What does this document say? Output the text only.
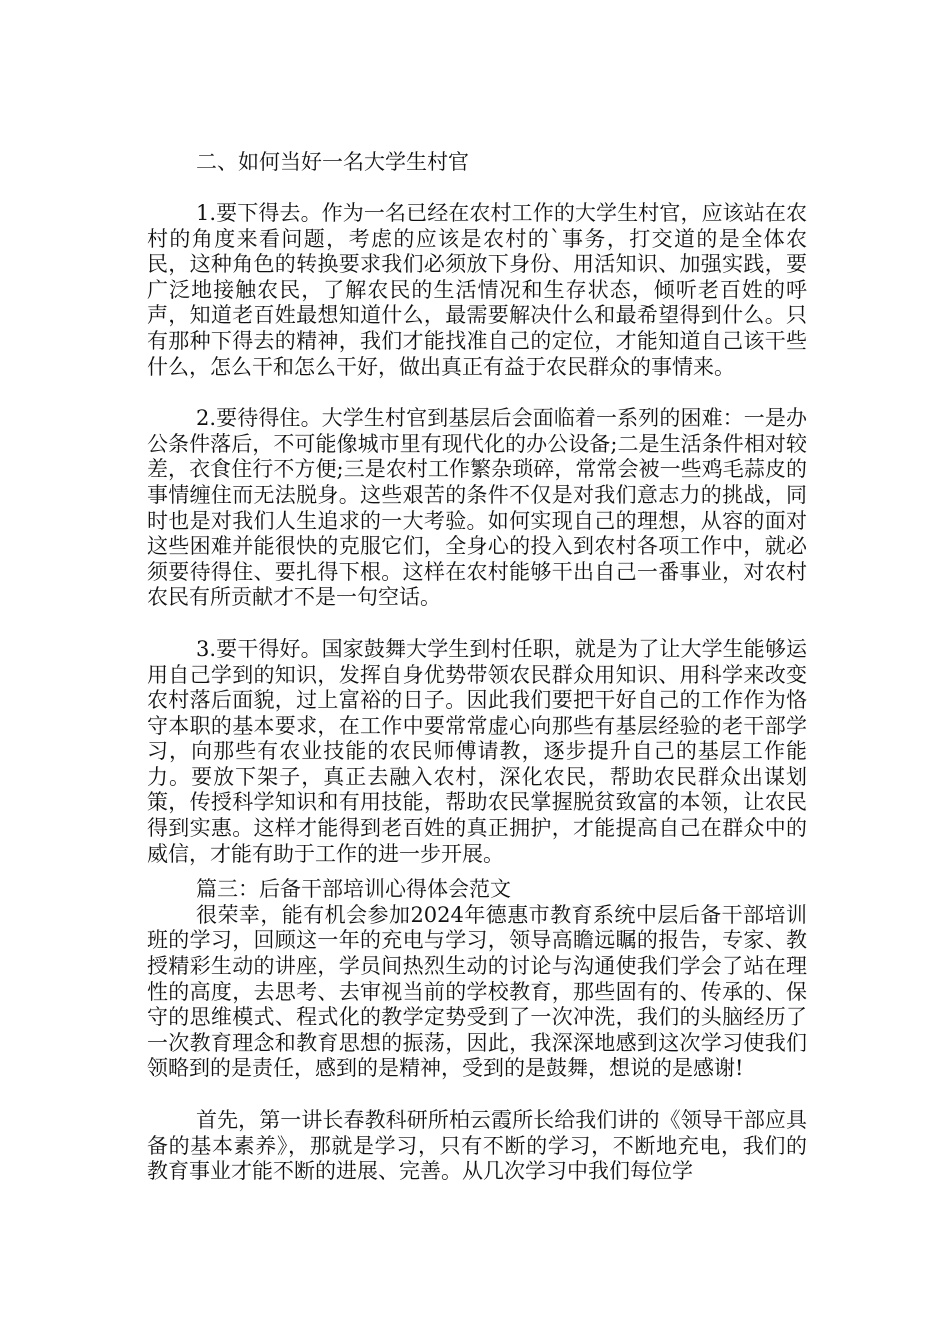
二、如何当好一名大学生村官

1.要下得去。作为一名已经在农村工作的大学生村官，应该站在农村的角度来看问题，考虑的应该是农村的`事务，打交道的是全体农民，这种角色的转换要求我们必须放下身份、用活知识、加强实践，要广泛地接触农民，了解农民的生活情况和生存状态，倾听老百姓的呼声，知道老百姓最想知道什么，最需要解决什么和最希望得到什么。只有那种下得去的精神，我们才能找准自己的定位，才能知道自己该干些什么，怎么干和怎么干好，做出真正有益于农民群众的事情来。

2.要待得住。大学生村官到基层后会面临着一系列的困难：一是办公条件落后，不可能像城市里有现代化的办公设备;二是生活条件相对较差，衣食住行不方便;三是农村工作繁杂琐碎，常常会被一些鸡毛蒜皮的事情缠住而无法脱身。这些艰苦的条件不仅是对我们意志力的挑战，同时也是对我们人生追求的一大考验。如何实现自己的理想，从容的面对这些困难并能很快的克服它们，全身心的投入到农村各项工作中，就必须要待得住、要扎得下根。这样在农村能够干出自己一番事业，对农村农民有所贡献才不是一句空话。

3.要干得好。国家鼓舞大学生到村任职，就是为了让大学生能够运用自己学到的知识，发挥自身优势带领农民群众用知识、用科学来改变农村落后面貌，过上富裕的日子。因此我们要把干好自己的工作作为恪守本职的基本要求，在工作中要常常虚心向那些有基层经验的老干部学习，向那些有农业技能的农民师傅请教，逐步提升自己的基层工作能力。要放下架子，真正去融入农村，深化农民，帮助农民群众出谋划策，传授科学知识和有用技能，帮助农民掌握脱贫致富的本领，让农民得到实惠。这样才能得到老百姓的真正拥护，才能提高自己在群众中的威信，才能有助于工作的进一步开展。

篇三：后备干部培训心得体会范文

很荣幸，能有机会参加2024年德惠市教育系统中层后备干部培训班的学习，回顾这一年的充电与学习，领导高瞻远瞩的报告，专家、教授精彩生动的讲座，学员间热烈生动的讨论与沟通使我们学会了站在理性的高度，去思考、去审视当前的学校教育，那些固有的、传承的、保守的思维模式、程式化的教学定势受到了一次冲洗，我们的头脑经历了一次教育理念和教育思想的振荡，因此，我深深地感到这次学习使我们领略到的是责任，感到的是精神，受到的是鼓舞，想说的是感谢!

首先，第一讲长春教科研所柏云霞所长给我们讲的《领导干部应具备的基本素养》，那就是学习，只有不断的学习，不断地充电，我们的教育事业才能不断的进展、完善。从几次学习中我们每位学
